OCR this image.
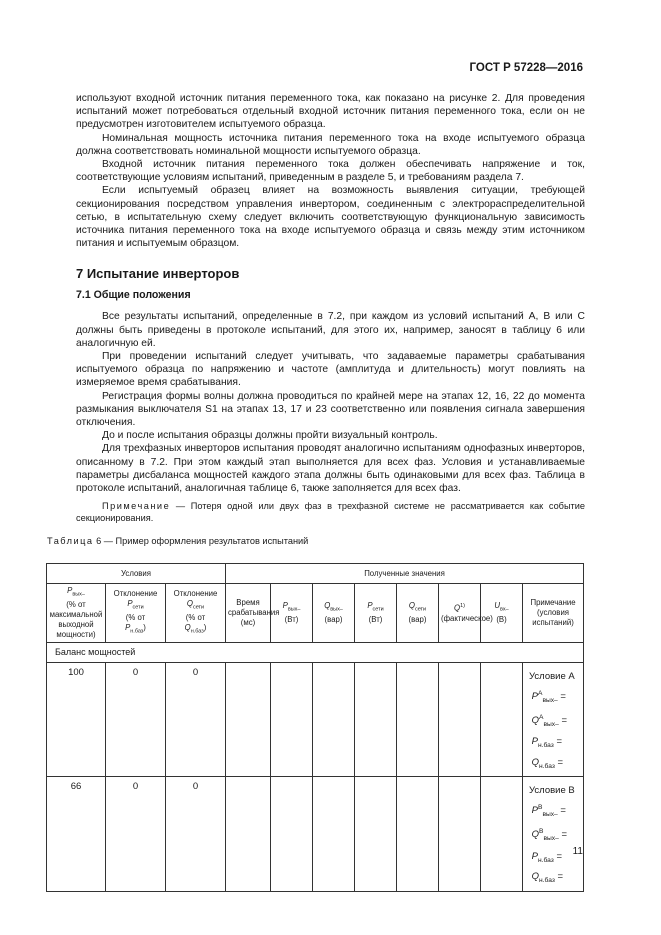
ГОСТ Р 57228—2016

используют входной источник питания переменного тока, как показано на рисунке 2. Для проведения испытаний может потребоваться отдельный входной источник питания переменного тока, если он не предусмотрен изготовителем испытуемого образца.

Номинальная мощность источника питания переменного тока на входе испытуемого образца должна соответствовать номинальной мощности испытуемого образца.

Входной источник питания переменного тока должен обеспечивать напряжение и ток, соответствующие условиям испытаний, приведенным в разделе 5, и требованиям раздела 7.

Если испытуемый образец влияет на возможность выявления ситуации, требующей секционирования посредством управления инвертором, соединенным с электрораспределительной сетью, в испытательную схему следует включить соответствующую функциональную зависимость источника питания переменного тока на входе испытуемого образца и связь между этим источником питания и испытуемым образцом.

7 Испытание инверторов
7.1 Общие положения

Все результаты испытаний, определенные в 7.2, при каждом из условий испытаний А, В или С должны быть приведены в протоколе испытаний, для этого их, например, заносят в таблицу 6 или аналогичную ей.

При проведении испытаний следует учитывать, что задаваемые параметры срабатывания испытуемого образца по напряжению и частоте (амплитуда и длительность) могут повлиять на измеряемое время срабатывания.

Регистрация формы волны должна проводиться по крайней мере на этапах 12, 16, 22 до момента размыкания выключателя S1 на этапах 13, 17 и 23 соответственно или появления сигнала завершения отключения.

До и после испытания образцы должны пройти визуальный контроль.

Для трехфазных инверторов испытания проводят аналогично испытаниям однофазных инверторов, описанному в 7.2. При этом каждый этап выполняется для всех фаз. Условия и устанавливаемые параметры дисбаланса мощностей каждого этапа должны быть одинаковыми для всех фаз. Таблица в протоколе испытаний, аналогичная таблице 6, также заполняется для всех фаз.

Примечание — Потеря одной или двух фаз в трехфазной системе не рассматривается как событие секционирования.
Таблица 6 — Пример оформления результатов испытаний
Условия			Полученные значения							
$P_{вых-}$
(% от максимальной выходной мощности)	Отклонение
$P_{сети}$
(% от
$P_{н.баз}$)	Отклонение
$Q_{сети}$
(% от
$Q_{н.баз}$)	Время срабатывания (мс)	$P_{вых-}$
(Вт)	$Q_{вых-}$
(вар)	$P_{сети}$
(Вт)	$Q_{сети}$
(вар)	$Q^{1)}$
(фактическое)	$U_{вх-}$
(В)	Примечание (условия испытаний)
Баланс мощностей										
100	0	0								Условие А
$P^А_{вых-}$ =
$Q^А_{вых-}$ =
$P_{н.баз}$ =
$Q_{н.баз}$ =
66	0	0								Условие В
$P^В_{вых-}$ =
$Q^В_{вых-}$ =
$P_{н.баз}$ =
$Q_{н.баз}$ =
11
